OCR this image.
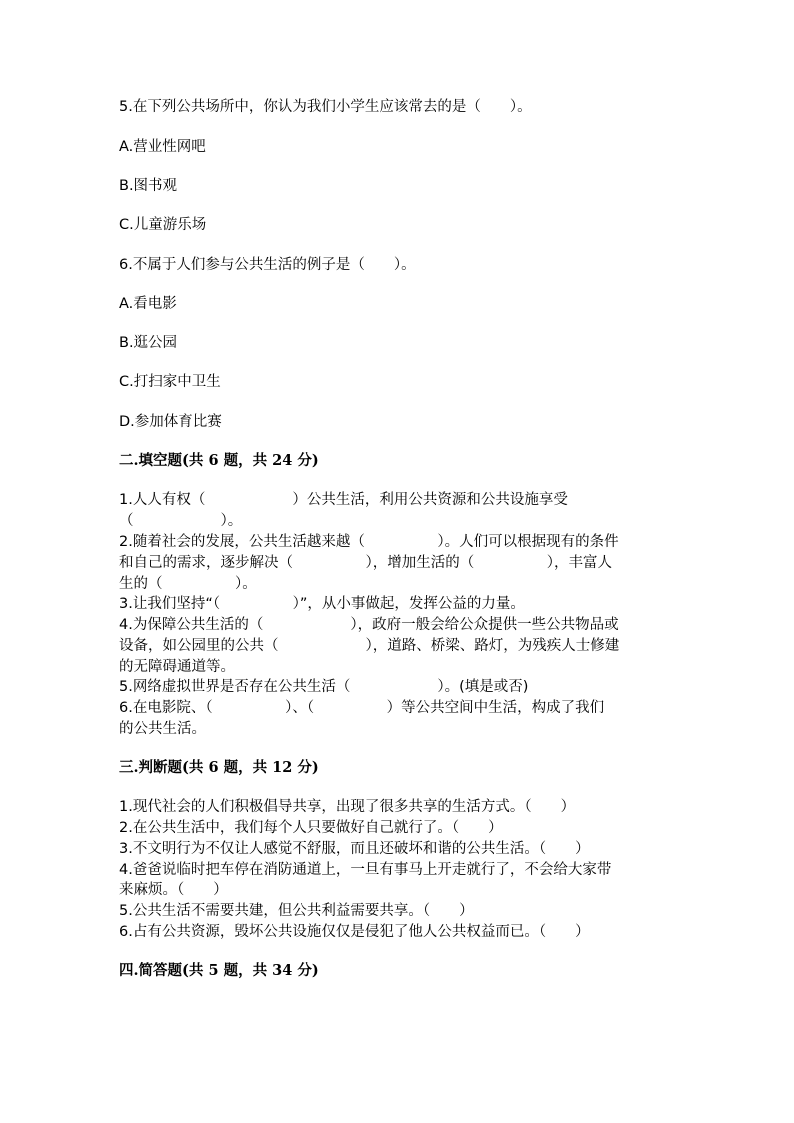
5.在下列公共场所中，你认为我们小学生应该常去的是（　　）。

A.营业性网吧

B.图书观

C.儿童游乐场

6.不属于人们参与公共生活的例子是（　　）。

A.看电影

B.逛公园

C.打扫家中卫生

D.参加体育比赛

二.填空题(共 6 题，共 24 分)

1.人人有权（　　　　　　）公共生活，利用公共资源和公共设施享受

（　　　　　　）。

2.随着社会的发展，公共生活越来越（　　　　　）。人们可以根据现有的条件

和自己的需求，逐步解决（　　　　　），增加生活的（　　　　　），丰富人

生的（　　　　　）。

3.让我们坚持“（　　　　　）”，从小事做起，发挥公益的力量。

4.为保障公共生活的（　　　　　　），政府一般会给公众提供一些公共物品或

设备，如公园里的公共（　　　　　　），道路、桥梁、路灯，为残疾人士修建

的无障碍通道等。

5.网络虚拟世界是否存在公共生活（　　　　　　）。(填是或否)

6.在电影院、（　　　　　）、（　　　　　）等公共空间中生活，构成了我们

的公共生活。

三.判断题(共 6 题，共 12 分)

1.现代社会的人们积极倡导共享，出现了很多共享的生活方式。（　　）

2.在公共生活中，我们每个人只要做好自己就行了。（　　）

3.不文明行为不仅让人感觉不舒服，而且还破坏和谐的公共生活。（　　）

4.爸爸说临时把车停在消防通道上，一旦有事马上开走就行了，不会给大家带

来麻烦。（　　）

5.公共生活不需要共建，但公共利益需要共享。（　　）

6.占有公共资源，毁坏公共设施仅仅是侵犯了他人公共权益而已。（　　）

四.简答题(共 5 题，共 34 分)
